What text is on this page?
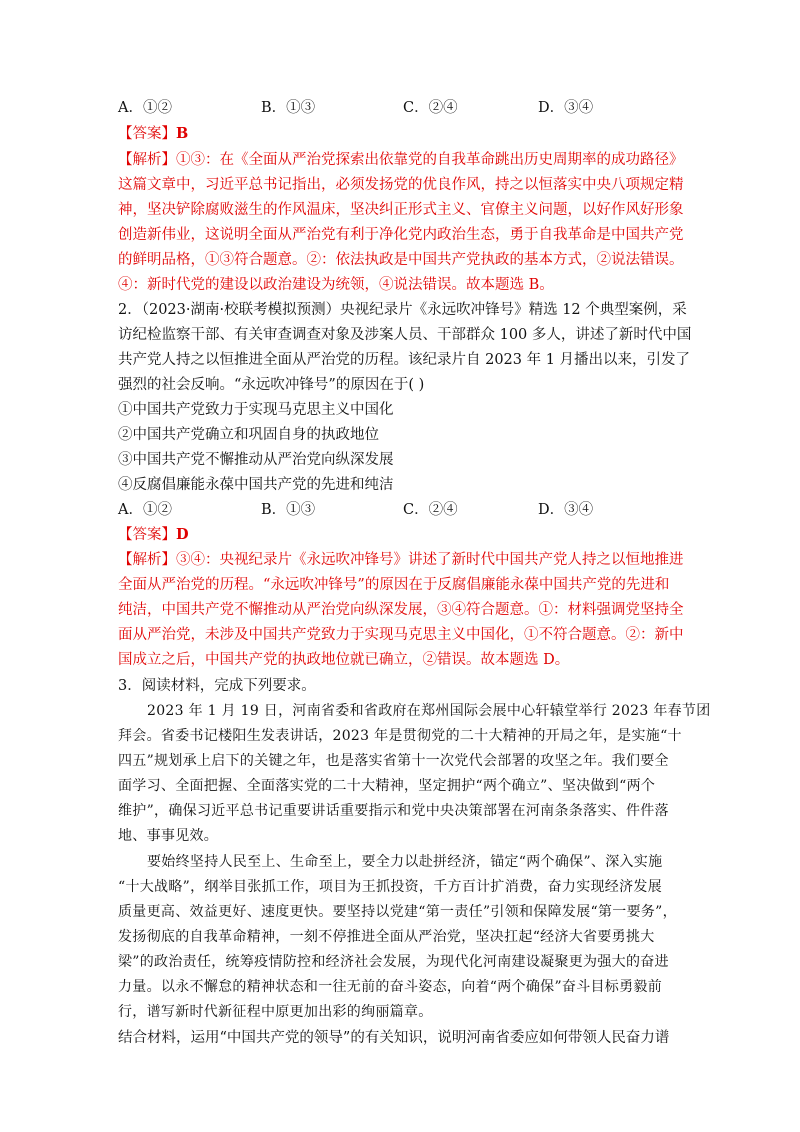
A．①②	B．①③	C．②④	D．③④
【答案】B
【解析】①③：在《全面从严治党探索出依靠党的自我革命跳出历史周期率的成功路径》
这篇文章中，习近平总书记指出，必须发扬党的优良作风，持之以恒落实中央八项规定精
神，坚决铲除腐败滋生的作风温床，坚决纠正形式主义、官僚主义问题，以好作风好形象
创造新伟业，这说明全面从严治党有利于净化党内政治生态，勇于自我革命是中国共产党
的鲜明品格，①③符合题意。②：依法执政是中国共产党执政的基本方式，②说法错误。
④：新时代党的建设以政治建设为统领，④说法错误。故本题选 B。
2．（2023·湖南·校联考模拟预测）央视纪录片《永远吹冲锋号》精选 12 个典型案例，采
访纪检监察干部、有关审查调查对象及涉案人员、干部群众 100 多人，讲述了新时代中国
共产党人持之以恒推进全面从严治党的历程。该纪录片自 2023 年 1 月播出以来，引发了
强烈的社会反响。“永远吹冲锋号”的原因在于( )
①中国共产党致力于实现马克思主义中国化
②中国共产党确立和巩固自身的执政地位
③中国共产党不懈推动从严治党向纵深发展
④反腐倡廉能永葆中国共产党的先进和纯洁
A．①②	B．①③	C．②④	D．③④
【答案】D
【解析】③④：央视纪录片《永远吹冲锋号》讲述了新时代中国共产党人持之以恒地推进
全面从严治党的历程。“永远吹冲锋号”的原因在于反腐倡廉能永葆中国共产党的先进和
纯洁，中国共产党不懈推动从严治党向纵深发展，③④符合题意。①：材料强调党坚持全
面从严治党，未涉及中国共产党致力于实现马克思主义中国化，①不符合题意。②：新中
国成立之后，中国共产党的执政地位就已确立，②错误。故本题选 D。
3．阅读材料，完成下列要求。
2023 年 1 月 19 日，河南省委和省政府在郑州国际会展中心轩辕堂举行 2023 年春节团
拜会。省委书记楼阳生发表讲话，2023 年是贯彻党的二十大精神的开局之年，是实施“十
四五”规划承上启下的关键之年，也是落实省第十一次党代会部署的攻坚之年。我们要全
面学习、全面把握、全面落实党的二十大精神，坚定拥护“两个确立”、坚决做到“两个
维护”，确保习近平总书记重要讲话重要指示和党中央决策部署在河南条条落实、件件落
地、事事见效。
要始终坚持人民至上、生命至上，要全力以赴拼经济，锚定“两个确保”、深入实施
“十大战略”，纲举目张抓工作，项目为王抓投资，千方百计扩消费，奋力实现经济发展
质量更高、效益更好、速度更快。要坚持以党建“第一责任”引领和保障发展“第一要务”，
发扬彻底的自我革命精神，一刻不停推进全面从严治党，坚决扛起“经济大省要勇挑大
梁”的政治责任，统筹疫情防控和经济社会发展，为现代化河南建设凝聚更为强大的奋进
力量。以永不懈怠的精神状态和一往无前的奋斗姿态，向着“两个确保”奋斗目标勇毅前
行，谱写新时代新征程中原更加出彩的绚丽篇章。
结合材料，运用“中国共产党的领导”的有关知识，说明河南省委应如何带领人民奋力谱
